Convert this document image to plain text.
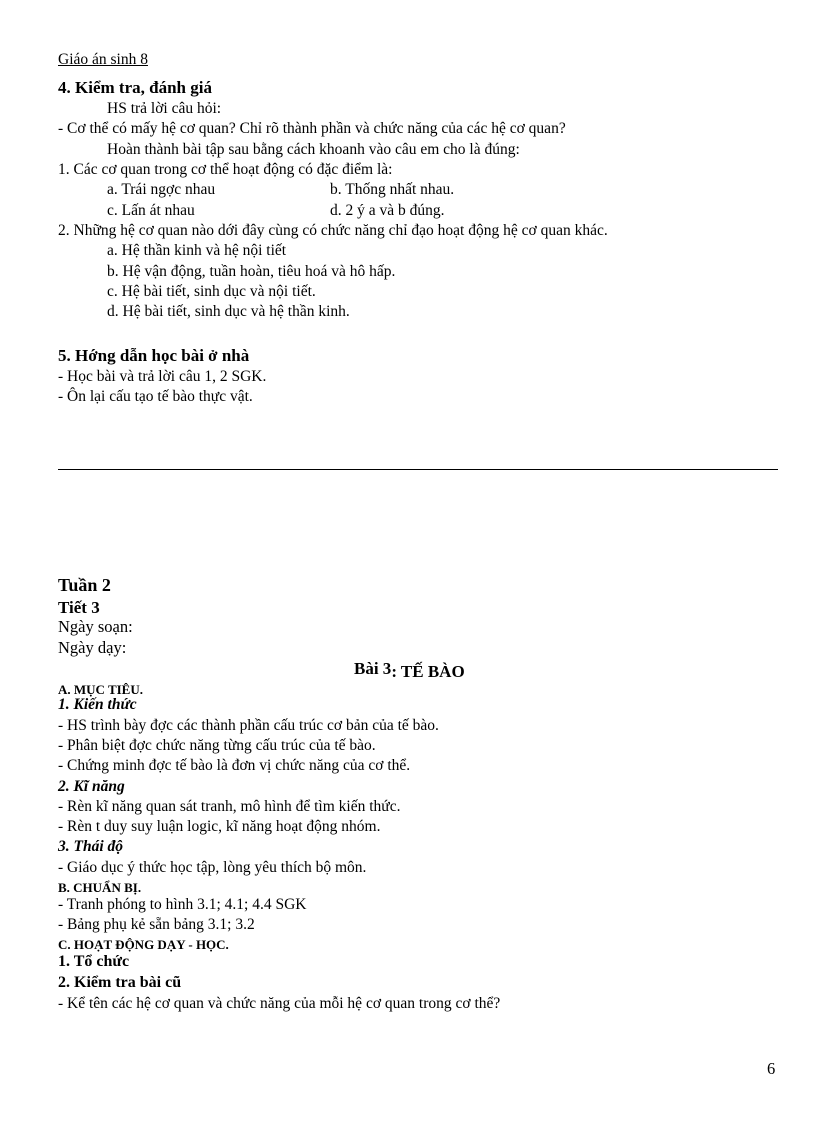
Giáo án sinh 8
4. Kiểm tra, đánh giá
HS trả lời câu hỏi:
- Cơ thể có mấy hệ cơ quan? Chỉ rõ thành phần và chức năng của các hệ cơ quan?
Hoàn thành bài tập sau bằng cách khoanh vào câu em cho là đúng:
1. Các cơ quan trong cơ thể hoạt động có đặc điểm là:
a. Trái ngợc nhau	b. Thống nhất nhau.
c. Lấn át nhau	d. 2 ý a và b đúng.
2. Những hệ cơ quan nào dới đây cùng có chức năng chỉ đạo hoạt động hệ cơ quan khác.
a. Hệ thần kinh và hệ nội tiết
b. Hệ vận động, tuần hoàn, tiêu hoá và hô hấp.
c. Hệ bài tiết, sinh dục và nội tiết.
d. Hệ bài tiết, sinh dục và hệ thần kinh.
5. Hớng dẫn học bài ở nhà
- Học bài và trả lời câu 1, 2 SGK.
- Ôn lại cấu tạo tế bào thực vật.
Tuần 2
Tiết 3
Ngày soạn:
Ngày dạy:
Bài 3: TẾ BÀO
A. MỤC TIÊU.
1. Kiến thức
- HS trình bày đợc các thành phần cấu trúc cơ bản của tế bào.
- Phân biệt đợc chức năng từng cấu trúc của tế bào.
- Chứng minh đợc tế bào là đơn vị chức năng của cơ thể.
2. Kĩ năng
- Rèn kĩ năng quan sát tranh, mô hình để tìm kiến thức.
- Rèn t duy suy luận logic, kĩ năng hoạt động nhóm.
3. Thái độ
- Giáo dục ý thức học tập, lòng yêu thích bộ môn.
B. CHUẨN BỊ.
- Tranh phóng to hình 3.1; 4.1; 4.4 SGK
- Bảng phụ kẻ sẵn bảng 3.1; 3.2
C. HOẠT ĐỘNG DẠY - HỌC.
1. Tổ chức
2. Kiểm tra bài cũ
- Kể tên các hệ cơ quan và chức năng của mỗi hệ cơ quan trong cơ thể?
6
